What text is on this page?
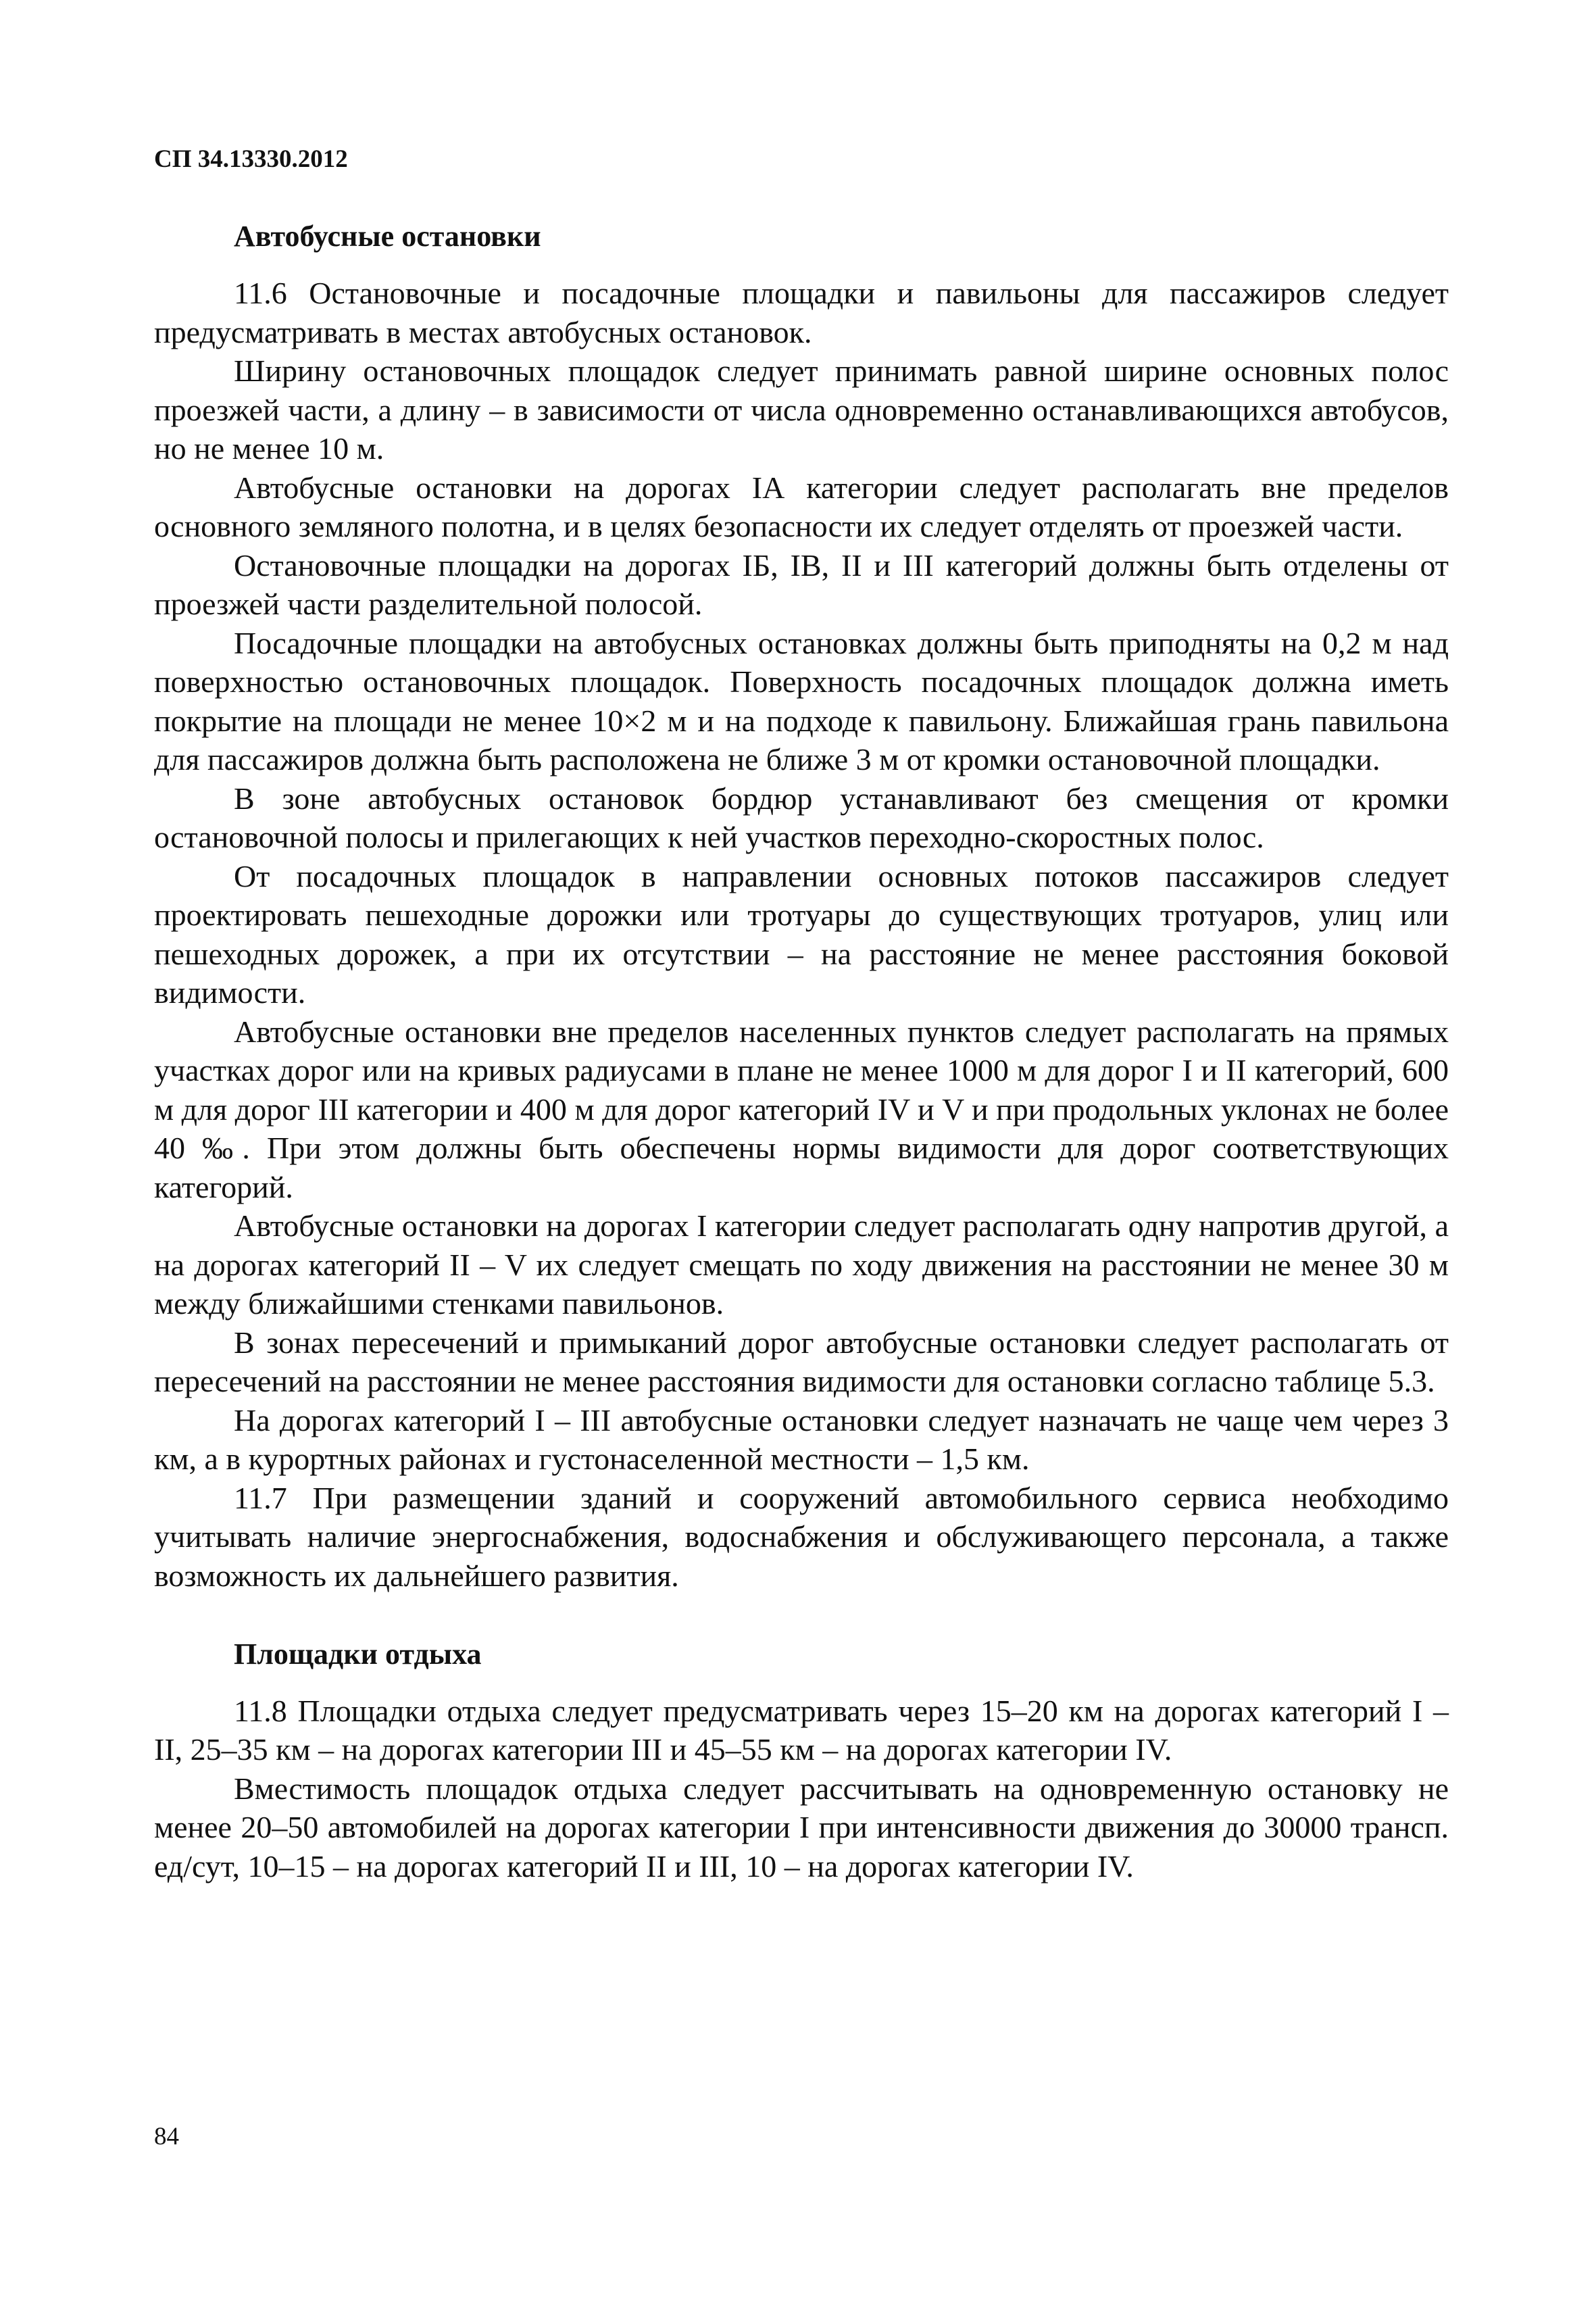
СП 34.13330.2012
Автобусные остановки

11.6 Остановочные и посадочные площадки и павильоны для пассажиров следует предусматривать в местах автобусных остановок.

Ширину остановочных площадок следует принимать равной ширине основных полос проезжей части, а длину – в зависимости от числа одновременно останавливающихся автобусов, но не менее 10 м.

Автобусные остановки на дорогах IА категории следует располагать вне пределов основного земляного полотна, и в целях безопасности их следует отделять от проезжей части.

Остановочные площадки на дорогах IБ, IВ, II и III категорий должны быть отделены от проезжей части разделительной полосой.

Посадочные площадки на автобусных остановках должны быть приподняты на 0,2 м над поверхностью остановочных площадок. Поверхность посадочных площадок должна иметь покрытие на площади не менее 10×2 м и на подходе к павильону. Ближайшая грань павильона для пассажиров должна быть расположена не ближе 3 м от кромки остановочной площадки.

В зоне автобусных остановок бордюр устанавливают без смещения от кромки остановочной полосы и прилегающих к ней участков переходно-скоростных полос.

От посадочных площадок в направлении основных потоков пассажиров следует проектировать пешеходные дорожки или тротуары до существующих тротуаров, улиц или пешеходных дорожек, а при их отсутствии – на расстояние не менее расстояния боковой видимости.

Автобусные остановки вне пределов населенных пунктов следует располагать на прямых участках дорог или на кривых радиусами в плане не менее 1000 м для дорог I и II категорий, 600 м для дорог III категории и 400 м для дорог категорий IV и V и при продольных уклонах не более 40 ‰. При этом должны быть обеспечены нормы видимости для дорог соответствующих категорий.

Автобусные остановки на дорогах I категории следует располагать одну напротив другой, а на дорогах категорий II – V их следует смещать по ходу движения на расстоянии не менее 30 м между ближайшими стенками павильонов.

В зонах пересечений и примыканий дорог автобусные остановки следует располагать от пересечений на расстоянии не менее расстояния видимости для остановки согласно таблице 5.3.

На дорогах категорий I – III автобусные остановки следует назначать не чаще чем через 3 км, а в курортных районах и густонаселенной местности – 1,5 км.

11.7 При размещении зданий и сооружений автомобильного сервиса необходимо учитывать наличие энергоснабжения, водоснабжения и обслуживающего персонала, а также возможность их дальнейшего развития.

Площадки отдыха

11.8 Площадки отдыха следует предусматривать через 15–20 км на дорогах категорий I – II, 25–35 км – на дорогах категории III и 45–55 км – на дорогах категории IV.

Вместимость площадок отдыха следует рассчитывать на одновременную остановку не менее 20–50 автомобилей на дорогах категории I при интенсивности движения до 30000 трансп. ед/сут, 10–15 – на дорогах категорий II и III, 10 – на дорогах категории IV.

84
